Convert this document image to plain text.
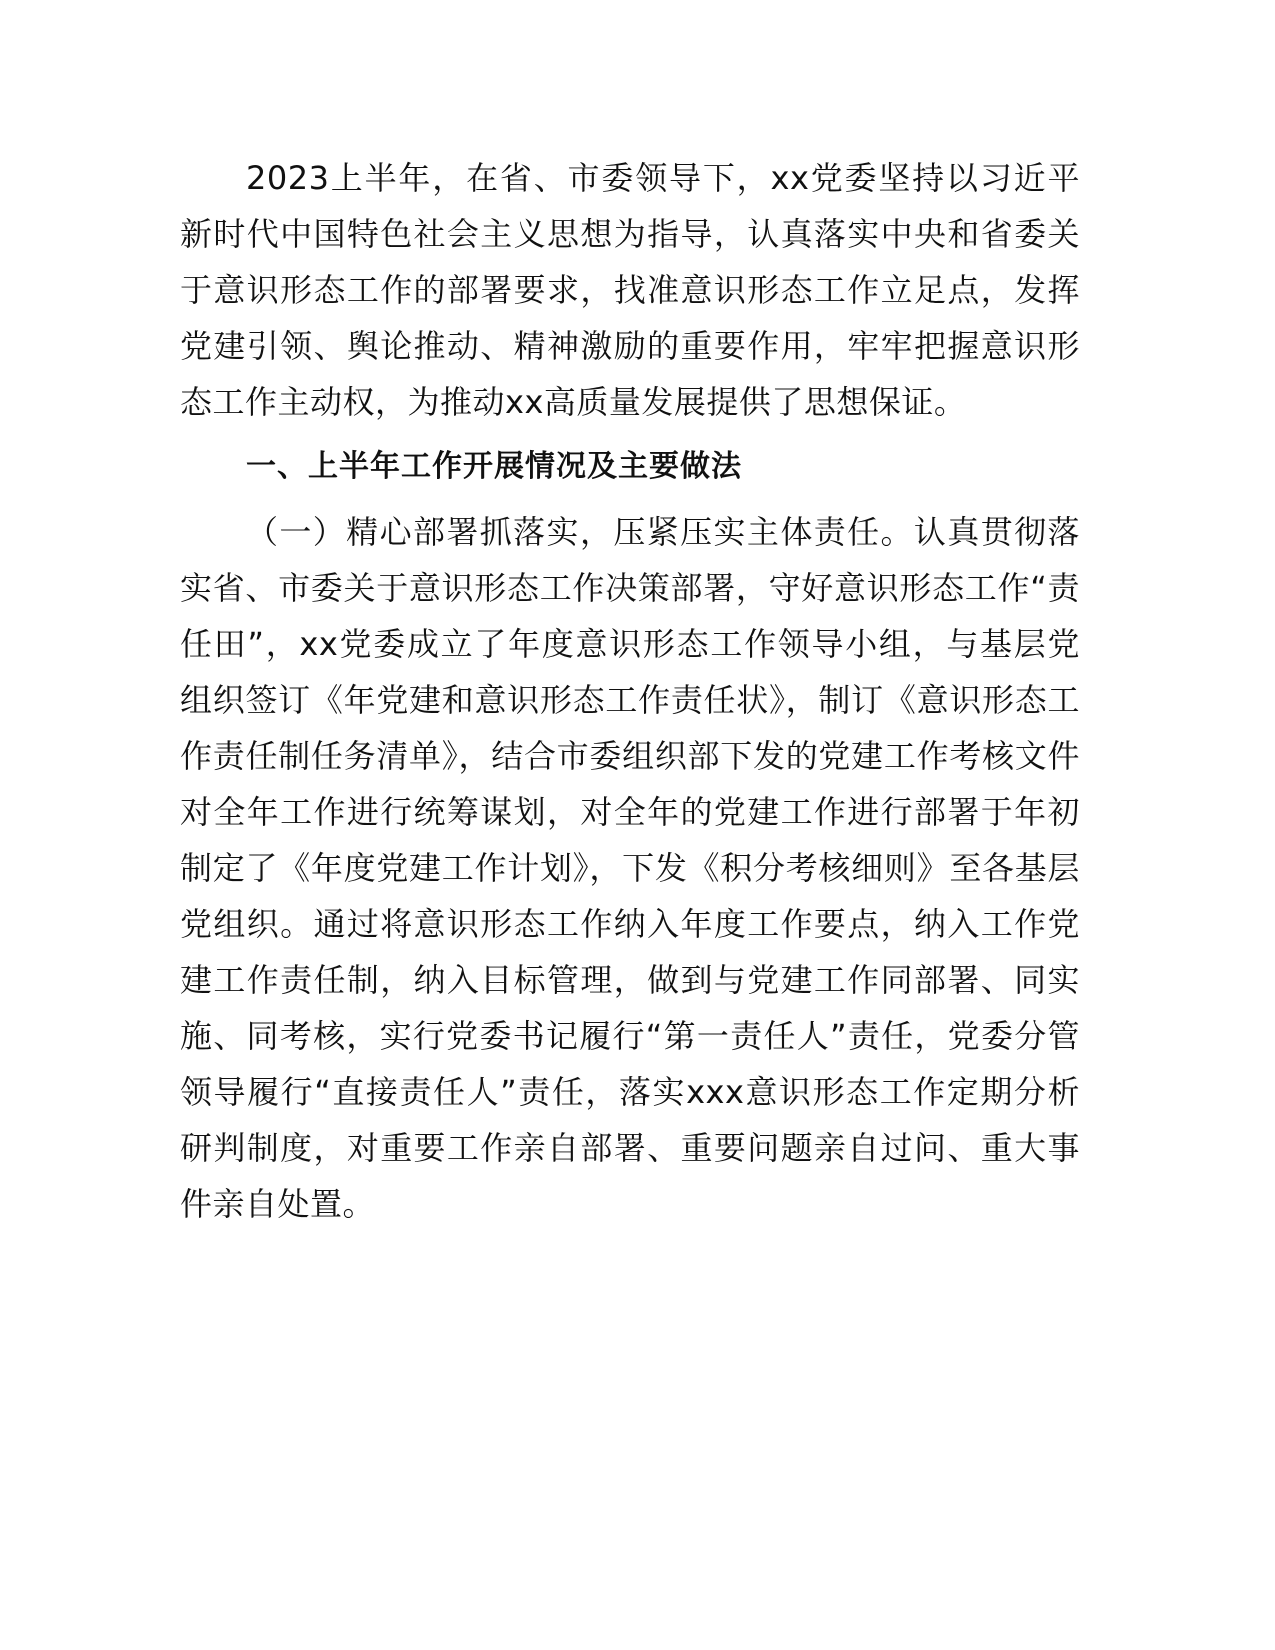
2023上半年，在省、市委领导下，xx党委坚持以习近平新时代中国特色社会主义思想为指导，认真落实中央和省委关于意识形态工作的部署要求，找准意识形态工作立足点，发挥党建引领、舆论推动、精神激励的重要作用，牢牢把握意识形态工作主动权，为推动xx高质量发展提供了思想保证。

一、上半年工作开展情况及主要做法

（一）精心部署抓落实，压紧压实主体责任。认真贯彻落实省、市委关于意识形态工作决策部署，守好意识形态工作“责任田”，xx党委成立了年度意识形态工作领导小组，与基层党组织签订《年党建和意识形态工作责任状》，制订《意识形态工作责任制任务清单》，结合市委组织部下发的党建工作考核文件对全年工作进行统筹谋划，对全年的党建工作进行部署于年初制定了《年度党建工作计划》，下发《积分考核细则》至各基层党组织。通过将意识形态工作纳入年度工作要点，纳入工作党建工作责任制，纳入目标管理，做到与党建工作同部署、同实施、同考核，实行党委书记履行“第一责任人”责任，党委分管领导履行“直接责任人”责任，落实xxx意识形态工作定期分析研判制度，对重要工作亲自部署、重要问题亲自过问、重大事件亲自处置。
